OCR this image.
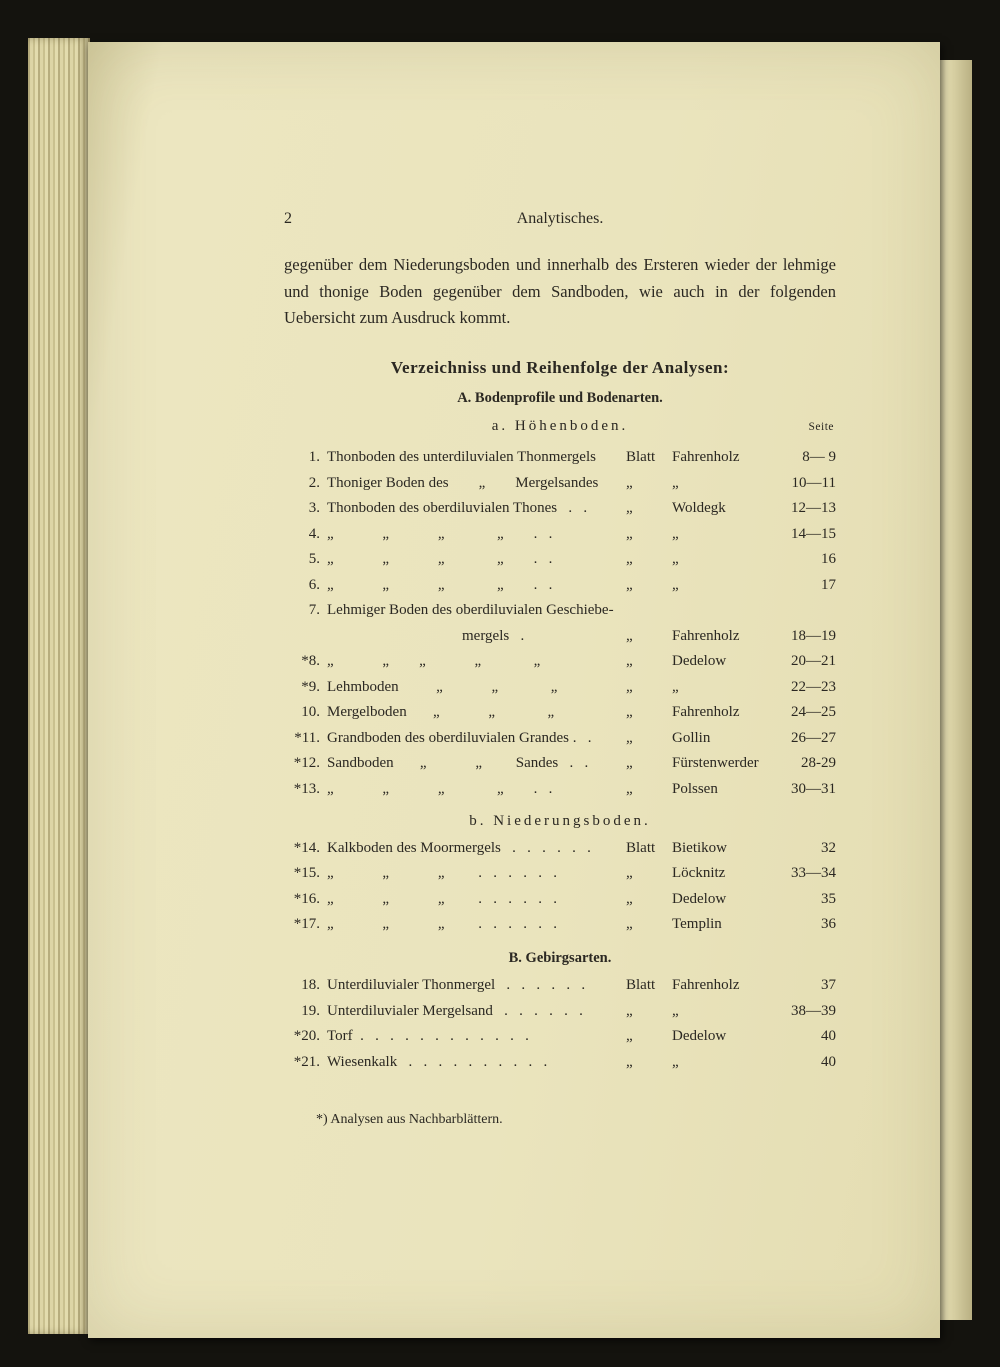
2	Analytisches.

gegenüber dem Niederungsboden und innerhalb des Ersteren wieder der lehmige und thonige Boden gegenüber dem Sandboden, wie auch in der folgenden Uebersicht zum Ausdruck kommt.

Verzeichniss und Reihenfolge der Analysen:
A. Bodenprofile und Bodenarten.
a. Höhenboden.	Seite
1. Thonboden des unterdiluvialen Thonmergels	Blatt	Fahrenholz	8— 9
2. Thoniger Boden des        „        Mergelsandes	„	„	10—11
3. Thonboden des oberdiluvialen Thones   .   .	„	Woldegk	12—13
4. „             „             „              „        .   .	„	„	14—15
5. „             „             „              „        .   .	„	„	16
6. „             „             „              „        .   .	„	„	17
7. Lehmiger Boden des oberdiluvialen Geschiebe-
mergels   .	„	Fahrenholz	18—19
*8. „             „        „             „              „	„	Dedelow	20—21
*9. Lehmboden          „             „              „	„	„	22—23
10. Mergelboden       „             „              „	„	Fahrenholz	24—25
*11. Grandboden des oberdiluvialen Grandes .   .	„	Gollin	26—27
*12. Sandboden       „             „         Sandes   .   .	„	Fürstenwerder	28-29
*13. „             „             „              „        .   .	„	Polssen	30—31
b. Niederungsboden.
*14. Kalkboden des Moormergels   .   .   .   .   .   .	Blatt	Bietikow	32
*15. „             „             „         .   .   .   .   .   .	„	Löcknitz	33—34
*16. „             „             „         .   .   .   .   .   .	„	Dedelow	35
*17. „             „             „         .   .   .   .   .   .	„	Templin	36
B. Gebirgsarten.
18. Unterdiluvialer Thonmergel   .   .   .   .   .   .	Blatt	Fahrenholz	37
19. Unterdiluvialer Mergelsand   .   .   .   .   .   .	„	„	38—39
*20. Torf  .   .   .   .   .   .   .   .   .   .   .   .	„	Dedelow	40
*21. Wiesenkalk   .   .   .   .   .   .   .   .   .   .	„	„	40
*) Analysen aus Nachbarblättern.
